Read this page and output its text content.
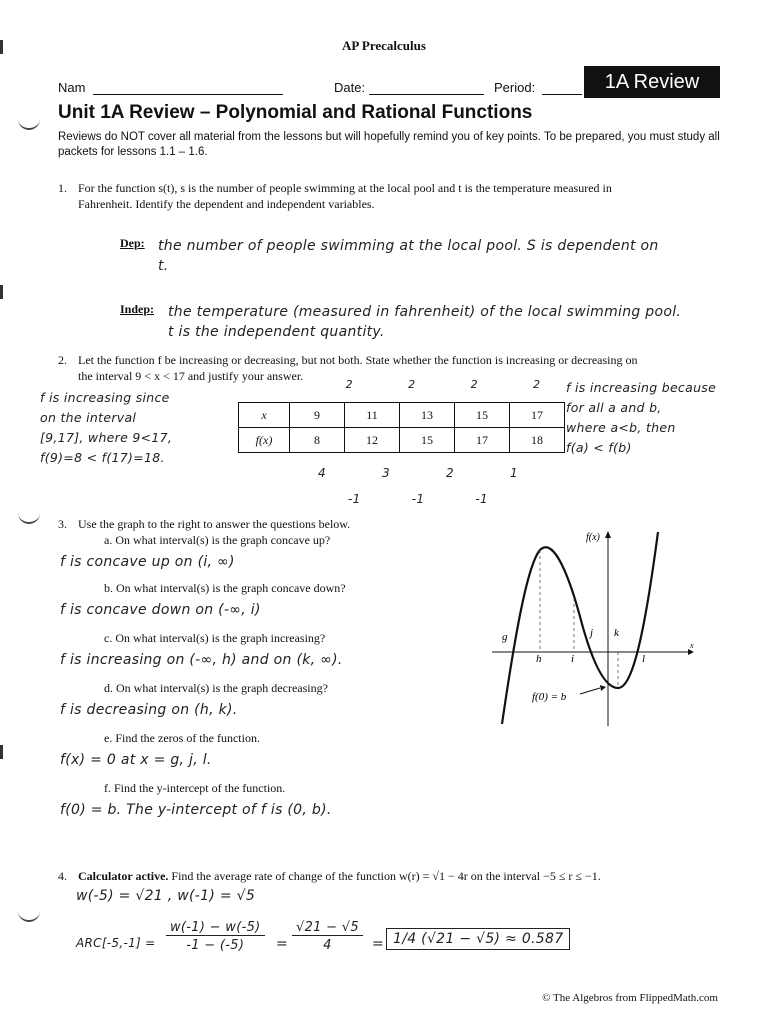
AP Precalculus
Nam	Date:	Period:	1A Review
Unit 1A Review – Polynomial and Rational Functions
Reviews do NOT cover all material from the lessons but will hopefully remind you of key points. To be prepared, you must study all packets for lessons 1.1 – 1.6.
1. For the function s(t), s is the number of people swimming at the local pool and t is the temperature measured in
Fahrenheit. Identify the dependent and independent variables.
Dep: the number of people swimming at the local pool. S is dependent on
t.
Indep: the temperature (measured in fahrenheit) of the local swimming pool.
t is the independent quantity.
2. Let the function f be increasing or decreasing, but not both. State whether the function is increasing or decreasing on
the interval 9 < x < 17 and justify your answer.
2	2	2	2
x	9	11	13	15	17
f(x)	8	12	15	17	18
4	3	2	1
-1	-1	-1
f is increasing since
on the interval
[9,17], where 9<17,
f(9)=8 < f(17)=18.
f is increasing because
for all a and b,
where a<b, then
f(a) < f(b)
3. Use the graph to the right to answer the questions below.
a. On what interval(s) is the graph concave up?
f is concave up on (i, ∞)
b. On what interval(s) is the graph concave down?
f is concave down on (-∞, i)
c. On what interval(s) is the graph increasing?
f is increasing on (-∞, h) and on (k, ∞).
d. On what interval(s) is the graph decreasing?
f is decreasing on (h, k).
e. Find the zeros of the function.
f(x) = 0 at x = g, j, l.
f. Find the y-intercept of the function.
f(0) = b. The y-intercept of f is (0, b).
f(x)
x
g
h	i
j k
l
f(0) = b
4. Calculator active. Find the average rate of change of the function w(r) = √1 − 4r on the interval −5 ≤ r ≤ −1.
w(-5) = √21 , w(-1) = √5
$ARC[-5,-1] = \frac{w(-1) - w(-5)}{-1 - (-5)} = \frac{√21 - √5}{4} = 1/4$ (√21 − √5) ≈ 0.587
© The Algebros from FlippedMath.com
